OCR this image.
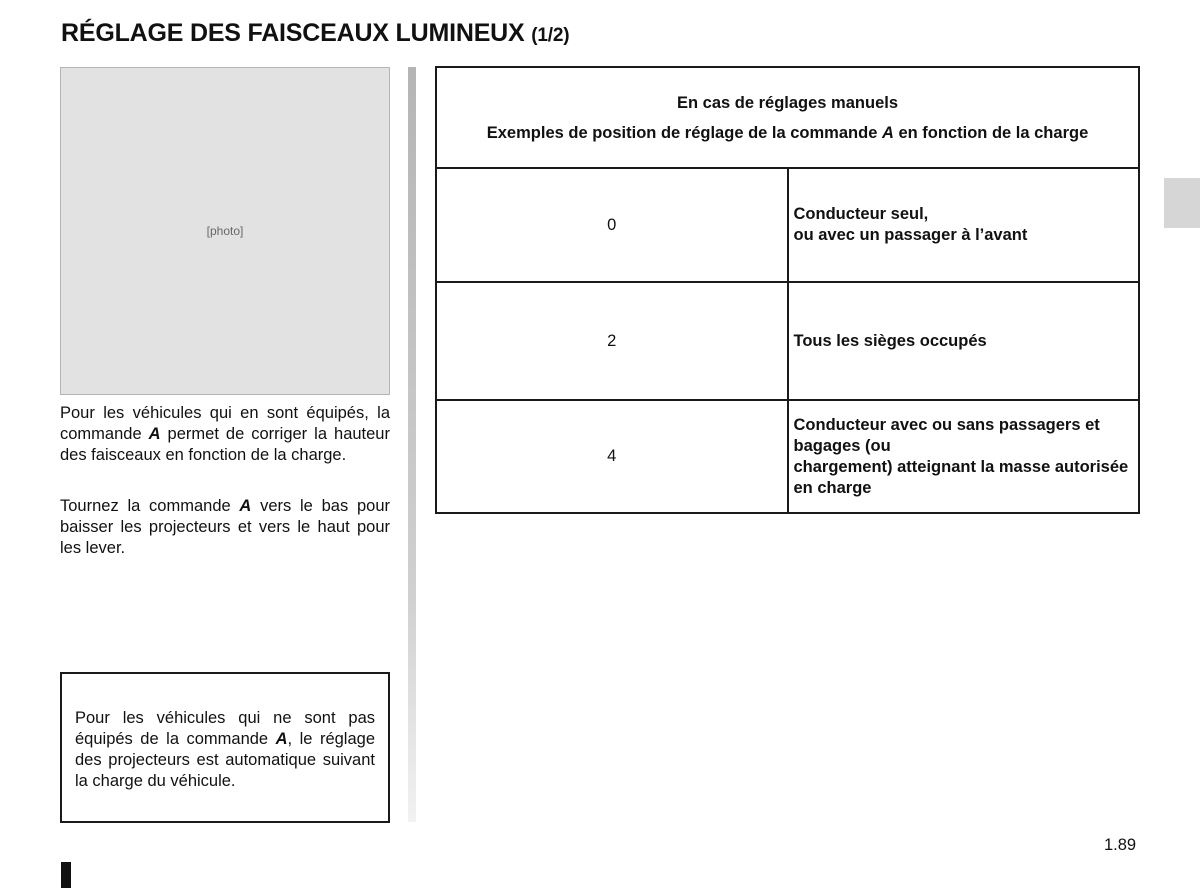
RÉGLAGE DES FAISCEAUX LUMINEUX (1/2)
[photo]

Pour les véhicules qui en sont équipés, la commande A permet de corriger la hauteur des faisceaux en fonction de la charge.

Tournez la commande A vers le bas pour baisser les projecteurs et vers le haut pour les lever.

Pour les véhicules qui ne sont pas équipés de la commande A, le réglage des projecteurs est automatique suivant la charge du véhicule.
En cas de réglages manuels
Exemples de position de réglage de la commande A en fonction de la charge	

0	Conducteur seul,
ou avec un passager à l’avant

2	Tous les sièges occupés

4	Conducteur avec ou sans passagers et bagages (ou
chargement) atteignant la masse autorisée en charge
1.89
